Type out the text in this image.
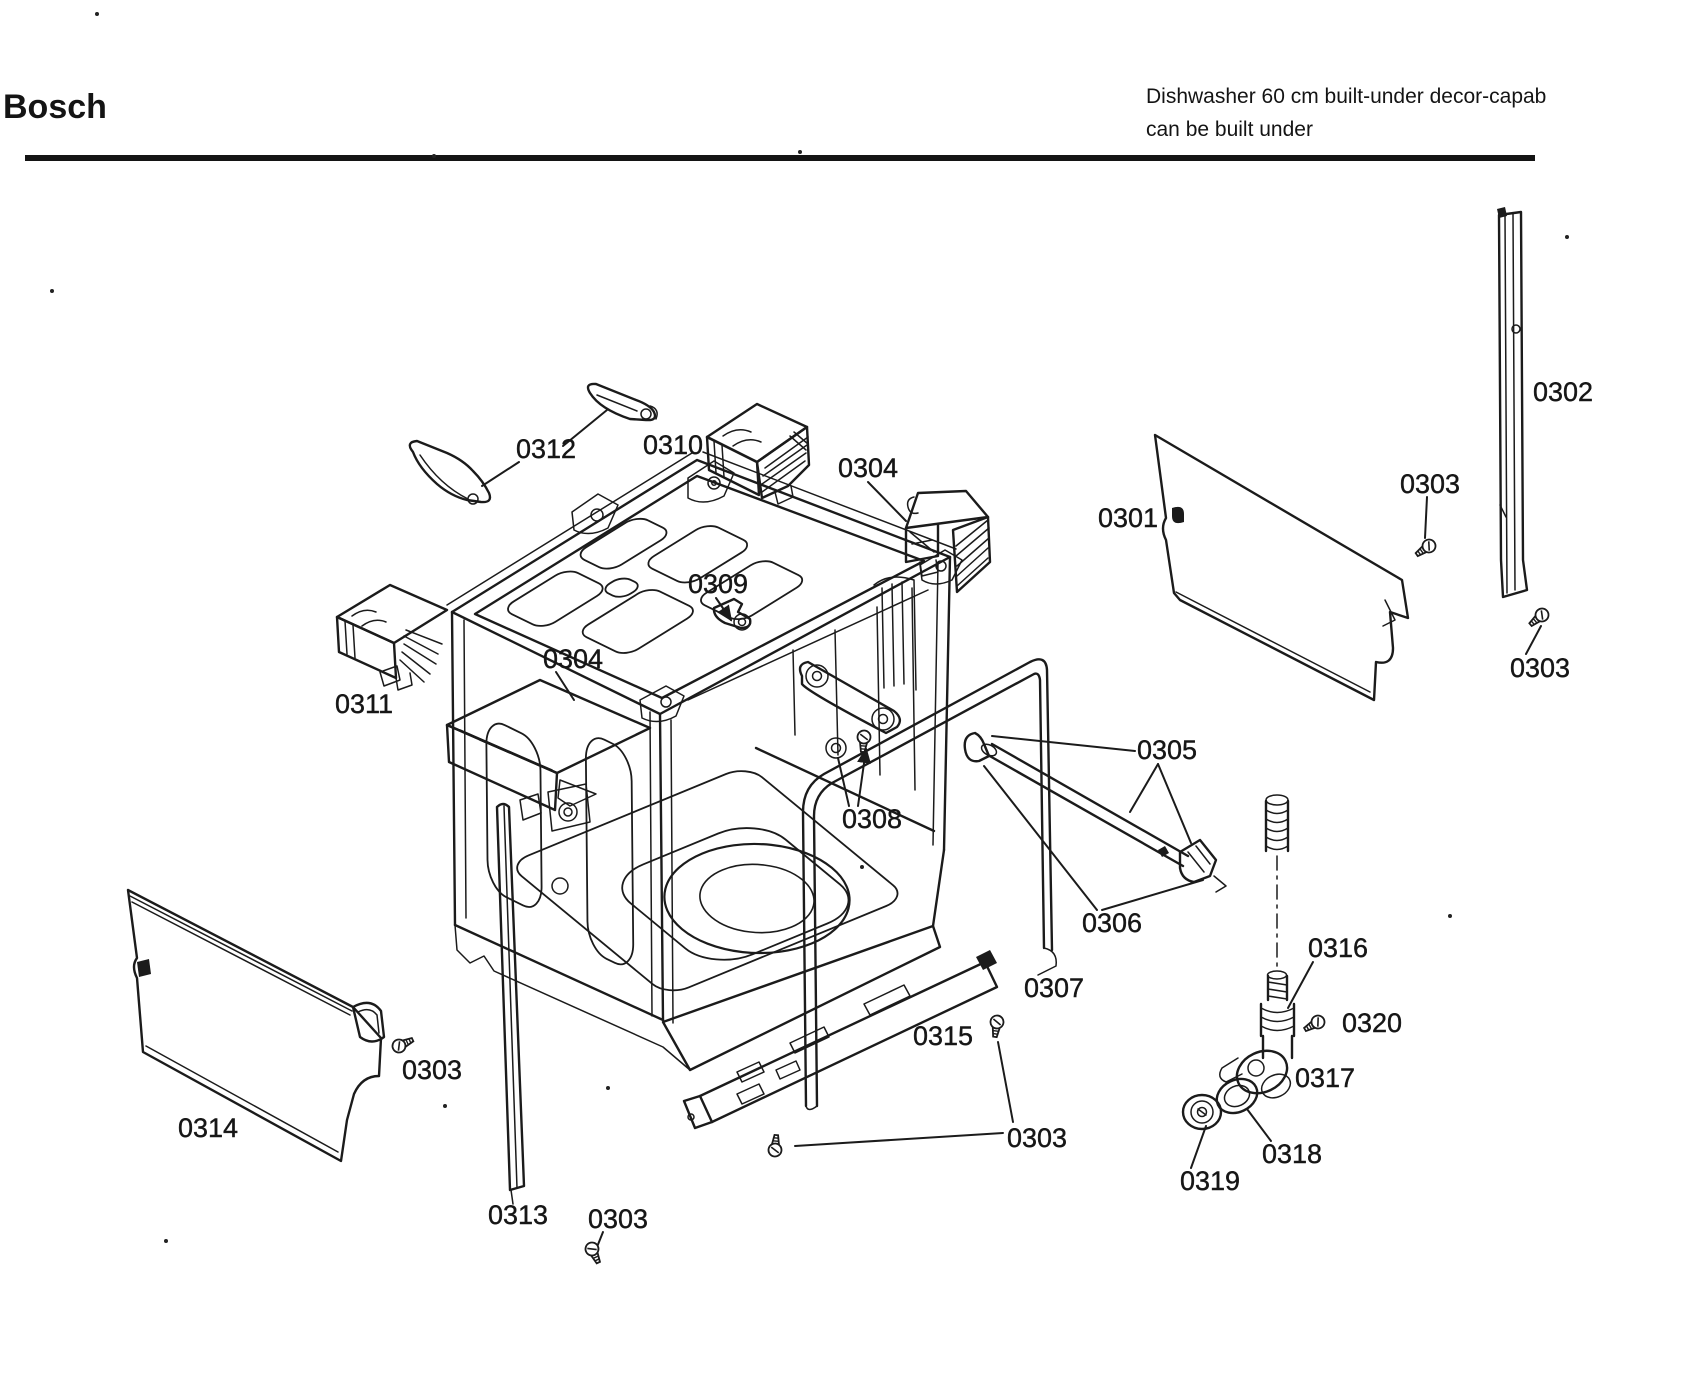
Bosch	Dishwasher 60 cm built-under decor-capab
can be built under
0312 0310
0304
0309
0304
0311
0301
0303
0302
0303
0305
0306
0308
0307
0316
0315	0320
0317
0318
0319
0303
0303
0314
0313 0303
